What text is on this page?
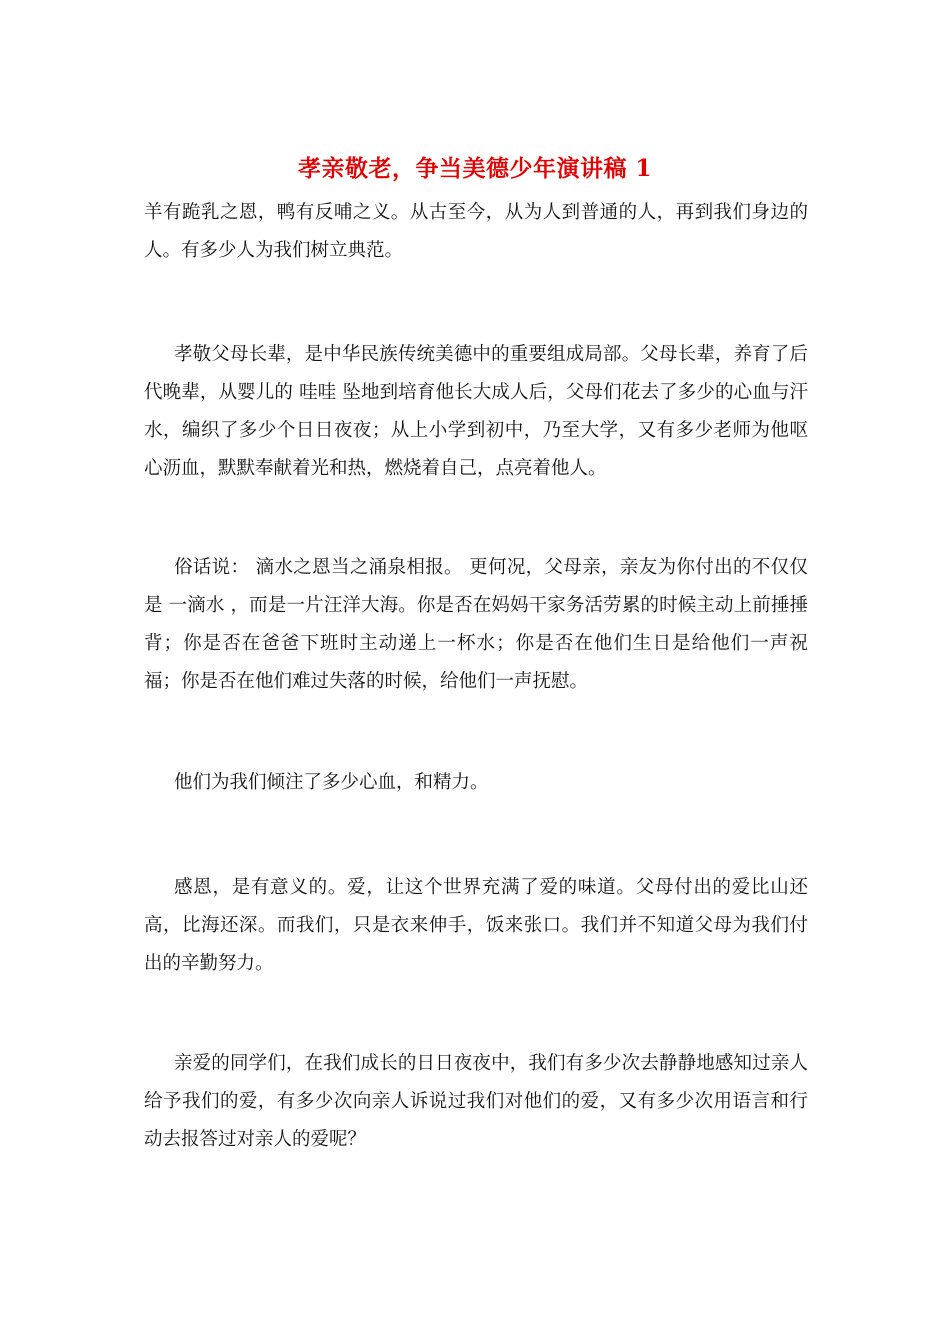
孝亲敬老，争当美德少年演讲稿 1

羊有跪乳之恩，鸭有反哺之义。从古至今，从为人到普通的人，再到我们身边的人。有多少人为我们树立典范。

孝敬父母长辈，是中华民族传统美德中的重要组成局部。父母长辈，养育了后代晚辈，从婴儿的 哇哇 坠地到培育他长大成人后，父母们花去了多少的心血与汗水，编织了多少个日日夜夜；从上小学到初中，乃至大学，又有多少老师为他呕心沥血，默默奉献着光和热，燃烧着自己，点亮着他人。

俗话说： 滴水之恩当之涌泉相报。 更何况，父母亲，亲友为你付出的不仅仅是 一滴水 ，而是一片汪洋大海。你是否在妈妈干家务活劳累的时候主动上前捶捶背；你是否在爸爸下班时主动递上一杯水；你是否在他们生日是给他们一声祝福；你是否在他们难过失落的时候，给他们一声抚慰。

他们为我们倾注了多少心血，和精力。

感恩，是有意义的。爱，让这个世界充满了爱的味道。父母付出的爱比山还高，比海还深。而我们，只是衣来伸手，饭来张口。我们并不知道父母为我们付出的辛勤努力。

亲爱的同学们，在我们成长的日日夜夜中，我们有多少次去静静地感知过亲人给予我们的爱，有多少次向亲人诉说过我们对他们的爱，又有多少次用语言和行动去报答过对亲人的爱呢？
